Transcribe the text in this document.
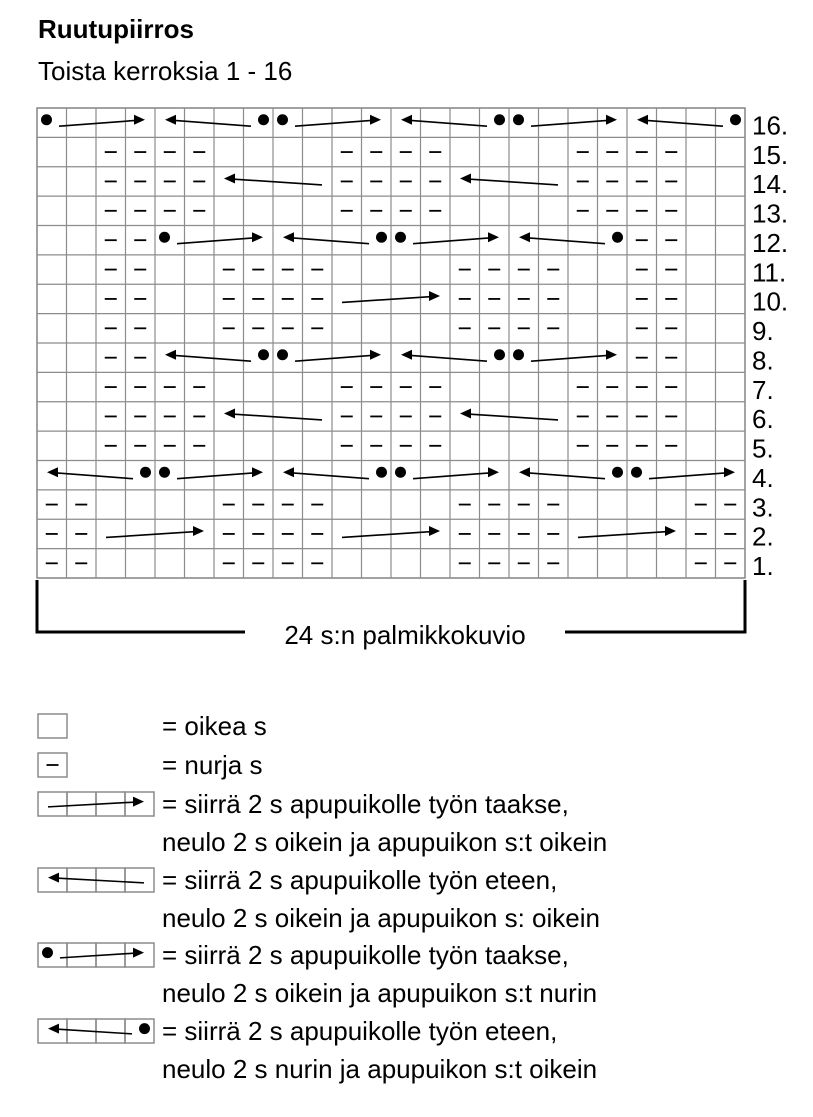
Ruutupiirros
Toista kerroksia 1 - 16
1.
2.
3.
4.
5.
6.
7.
8.
9.
10.
11.
12.
13.
14.
15.
16.
24 s:n palmikkokuvio
= oikea s
= nurja s
= siirrä 2 s apupuikolle työn taakse,
neulo 2 s oikein ja apupuikon s:t oikein
= siirrä 2 s apupuikolle työn eteen,
neulo 2 s oikein ja apupuikon s: oikein
= siirrä 2 s apupuikolle työn taakse,
neulo 2 s oikein ja apupuikon s:t nurin
= siirrä 2 s apupuikolle työn eteen,
neulo 2 s nurin ja apupuikon s:t oikein
